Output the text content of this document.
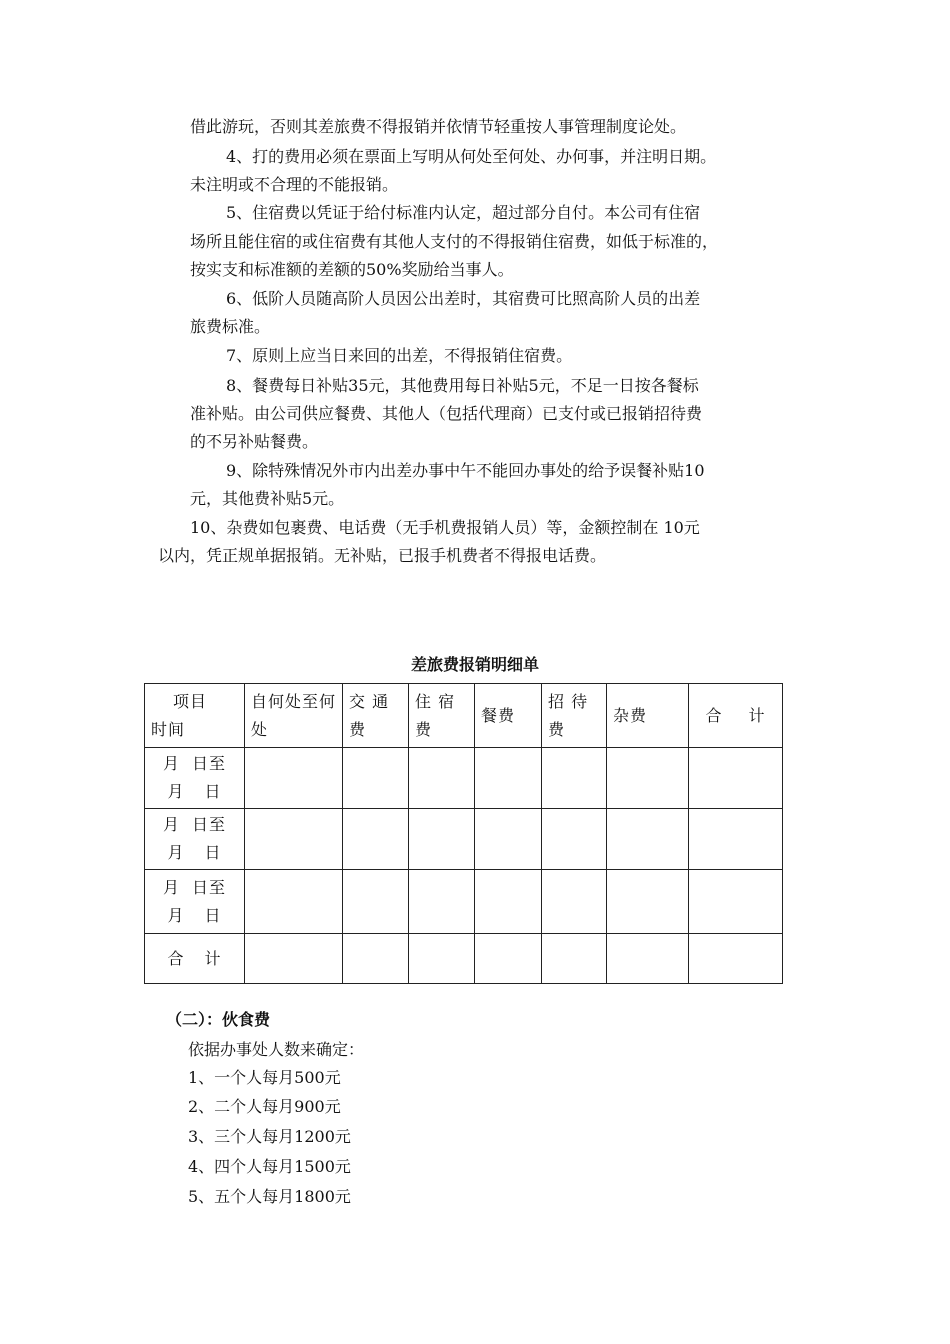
借此游玩，否则其差旅费不得报销并依情节轻重按人事管理制度论处。
4、打的费用必须在票面上写明从何处至何处、办何事，并注明日期。
未注明或不合理的不能报销。
5、住宿费以凭证于给付标准内认定，超过部分自付。本公司有住宿
场所且能住宿的或住宿费有其他人支付的不得报销住宿费，如低于标准的，
按实支和标准额的差额的50%奖励给当事人。
6、低阶人员随高阶人员因公出差时，其宿费可比照高阶人员的出差
旅费标准。
7、原则上应当日来回的出差，不得报销住宿费。
8、餐费每日补贴35元，其他费用每日补贴5元，不足一日按各餐标
准补贴。由公司供应餐费、其他人（包括代理商）已支付或已报销招待费
的不另补贴餐费。
9、除特殊情况外市内出差办事中午不能回办事处的给予误餐补贴10
元，其他费补贴5元。
10、杂费如包裹费、电话费（无手机费报销人员）等，金额控制在 10元
以内，凭正规单据报销。无补贴，已报手机费者不得报电话费。
差旅费报销明细单
项目
时间	自何处至何处	交 通 费	住 宿 费	餐费	招 待 费	杂费	合 计

月 日至
月 日							

月 日至
月 日							

月 日至
月 日							

合 计							
（二）：伙食费
依据办事处人数来确定：
1、一个人每月500元
2、二个人每月900元
3、三个人每月1200元
4、四个人每月1500元
5、五个人每月1800元
